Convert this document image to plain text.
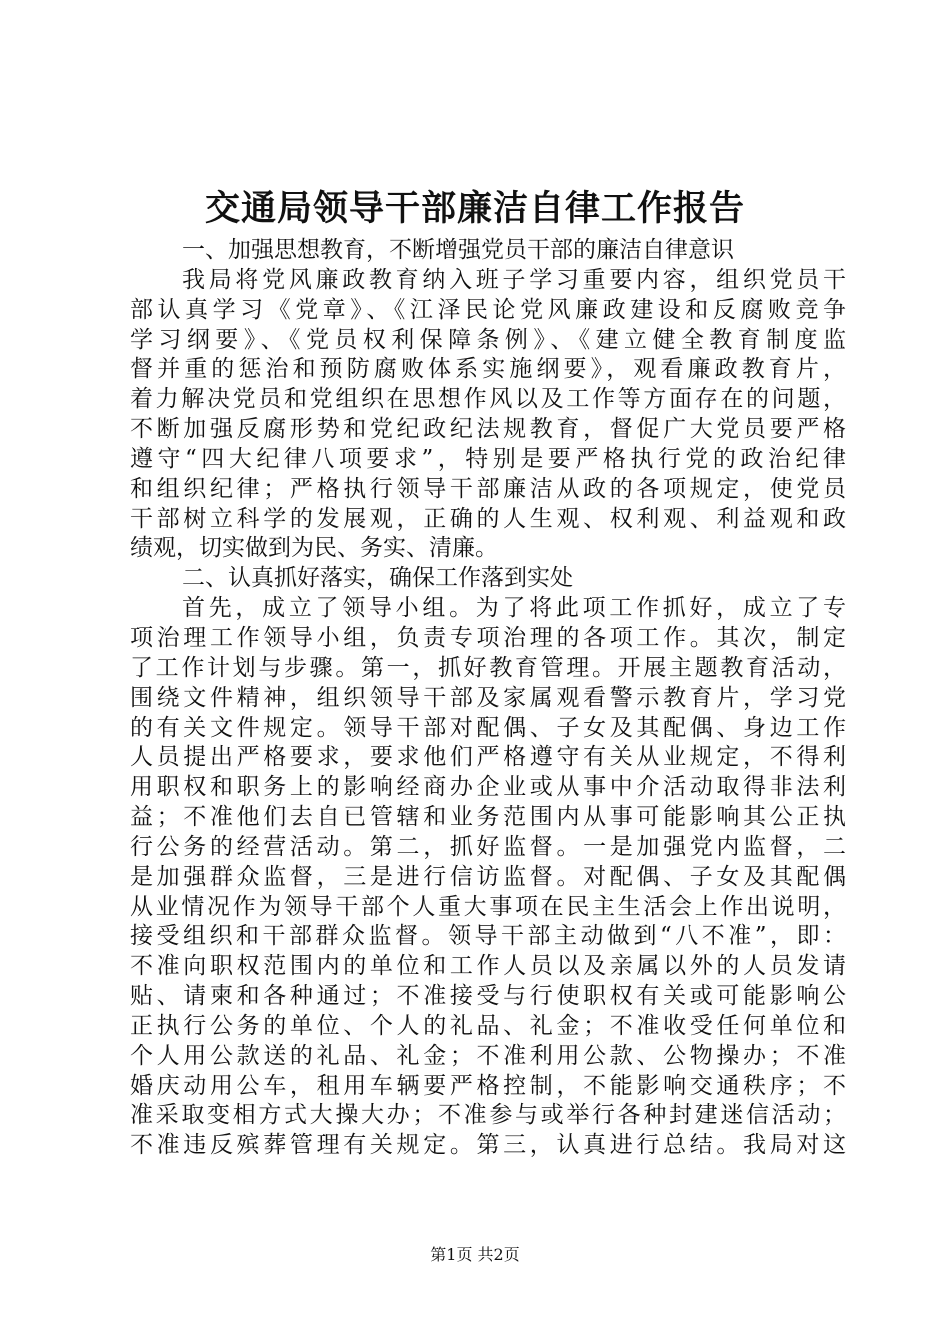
交通局领导干部廉洁自律工作报告
一、加强思想教育，不断增强党员干部的廉洁自律意识
我局将党风廉政教育纳入班子学习重要内容，组织党员干
部认真学习《党章》、《江泽民论党风廉政建设和反腐败竞争
学习纲要》、《党员权利保障条例》、《建立健全教育制度监
督并重的惩治和预防腐败体系实施纲要》，观看廉政教育片，
着力解决党员和党组织在思想作风以及工作等方面存在的问题，
不断加强反腐形势和党纪政纪法规教育，督促广大党员要严格
遵守“四大纪律八项要求”，特别是要严格执行党的政治纪律
和组织纪律；严格执行领导干部廉洁从政的各项规定，使党员
干部树立科学的发展观，正确的人生观、权利观、利益观和政
绩观，切实做到为民、务实、清廉。
二、认真抓好落实，确保工作落到实处
首先，成立了领导小组。为了将此项工作抓好，成立了专
项治理工作领导小组，负责专项治理的各项工作。其次，制定
了工作计划与步骤。第一，抓好教育管理。开展主题教育活动，
围绕文件精神，组织领导干部及家属观看警示教育片，学习党
的有关文件规定。领导干部对配偶、子女及其配偶、身边工作
人员提出严格要求，要求他们严格遵守有关从业规定，不得利
用职权和职务上的影响经商办企业或从事中介活动取得非法利
益；不准他们去自已管辖和业务范围内从事可能影响其公正执
行公务的经营活动。第二，抓好监督。一是加强党内监督，二
是加强群众监督，三是进行信访监督。对配偶、子女及其配偶
从业情况作为领导干部个人重大事项在民主生活会上作出说明，
接受组织和干部群众监督。领导干部主动做到“八不准”，即：
不准向职权范围内的单位和工作人员以及亲属以外的人员发请
贴、请柬和各种通过；不准接受与行使职权有关或可能影响公
正执行公务的单位、个人的礼品、礼金；不准收受任何单位和
个人用公款送的礼品、礼金；不准利用公款、公物操办；不准
婚庆动用公车，租用车辆要严格控制，不能影响交通秩序；不
准采取变相方式大操大办；不准参与或举行各种封建迷信活动；
不准违反殡葬管理有关规定。第三，认真进行总结。我局对这
第1页 共2页
